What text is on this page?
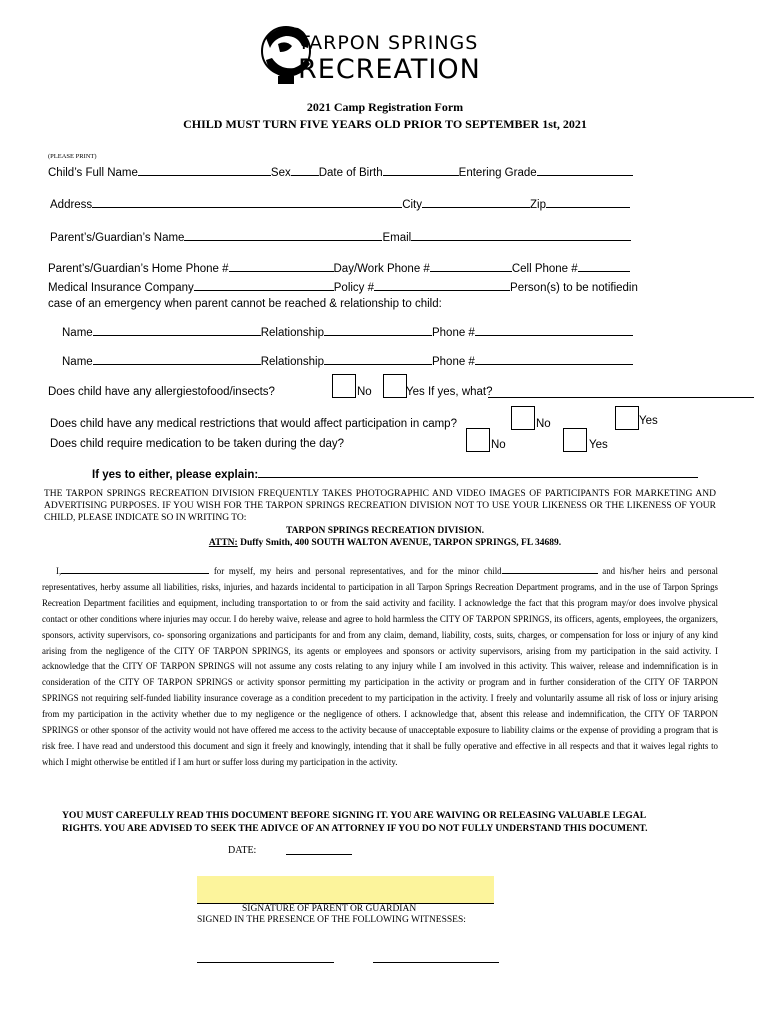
TARPON SPRINGS
RECREATION
2021 Camp Registration Form
CHILD MUST TURN FIVE YEARS OLD PRIOR TO SEPTEMBER 1st, 2021
(PLEASE PRINT)
Child’s Full Name	Sex Date of Birth	Entering Grade
Address	City	Zip
Parent’s/Guardian’s Name	Email
Parent’s/Guardian’s Home Phone #	Day/Work Phone #	Cell Phone #
Medical Insurance Company	Policy #	Person(s) to be notifiedin
case of an emergency when parent cannot be reached & relationship to child:
Name	Relationship	Phone #
Name	Relationship	Phone #
Does child have any allergiestofood/insects?	No	Yes If yes, what?
Does child have any medical restrictions that would affect participation in camp?	No	Yes
Does child require medication to be taken during the day?	No	Yes
If yes to either, please explain:
THE TARPON SPRINGS RECREATION DIVISION FREQUENTLY TAKES PHOTOGRAPHIC AND VIDEO IMAGES OF PARTICIPANTS FOR MARKETING AND ADVERTISING PURPOSES. IF YOU WISH FOR THE TARPON SPRINGS RECREATION DIVISION NOT TO USE YOUR LIKENESS OR THE LIKENESS OF YOUR CHILD, PLEASE INDICATE SO IN WRITING TO:
TARPON SPRINGS RECREATION DIVISION.
ATTN: Duffy Smith, 400 SOUTH WALTON AVENUE, TARPON SPRINGS, FL 34689.
I,	for myself, my heirs and personal representatives, and for the minor child	and his/her heirs and personal representatives, herby assume all liabilities, risks, injuries, and hazards incidental to participation in all Tarpon Springs Recreation Department programs, and in the use of Tarpon Springs Recreation Department facilities and equipment, including transportation to or from the said activity and facility. I acknowledge the fact that this program may/or does involve physical contact or other conditions where injuries may occur. I do hereby waive, release and agree to hold harmless the CITY OF TARPON SPRINGS, its officers, agents, employees, the organizers, sponsors, activity supervisors, co- sponsoring organizations and participants for and from any claim, demand, liability, costs, suits, charges, or compensation for loss or injury of any kind arising from the negligence of the CITY OF TARPON SPRINGS, its agents or employees and sponsors or activity supervisors, arising from my participation in the said activity. I acknowledge that the CITY OF TARPON SPRINGS will not assume any costs relating to any injury while I am involved in this activity. This waiver, release and indemnification is in consideration of the CITY OF TARPON SPRINGS or activity sponsor permitting my participation in the activity or program and in further consideration of the CITY OF TARPON SPRINGS not requiring self-funded liability insurance coverage as a condition precedent to my participation in the activity. I freely and voluntarily assume all risk of loss or injury arising from my participation in the activity whether due to my negligence or the negligence of others. I acknowledge that, absent this release and indemnification, the CITY OF TARPON SPRINGS or other sponsor of the activity would not have offered me access to the activity because of unacceptable exposure to liability claims or the expense of providing a program that is risk free. I have read and understood this document and sign it freely and knowingly, intending that it shall be fully operative and effective in all respects and that it waives legal rights to which I might otherwise be entitled if I am hurt or suffer loss during my participation in the activity.
YOU MUST CAREFULLY READ THIS DOCUMENT BEFORE SIGNING IT. YOU ARE WAIVING OR RELEASING VALUABLE LEGAL
RIGHTS. YOU ARE ADVISED TO SEEK THE ADIVCE OF AN ATTORNEY IF YOU DO NOT FULLY UNDERSTAND THIS DOCUMENT.
DATE:
SIGNATURE OF PARENT OR GUARDIAN
SIGNED IN THE PRESENCE OF THE FOLLOWING WITNESSES:
